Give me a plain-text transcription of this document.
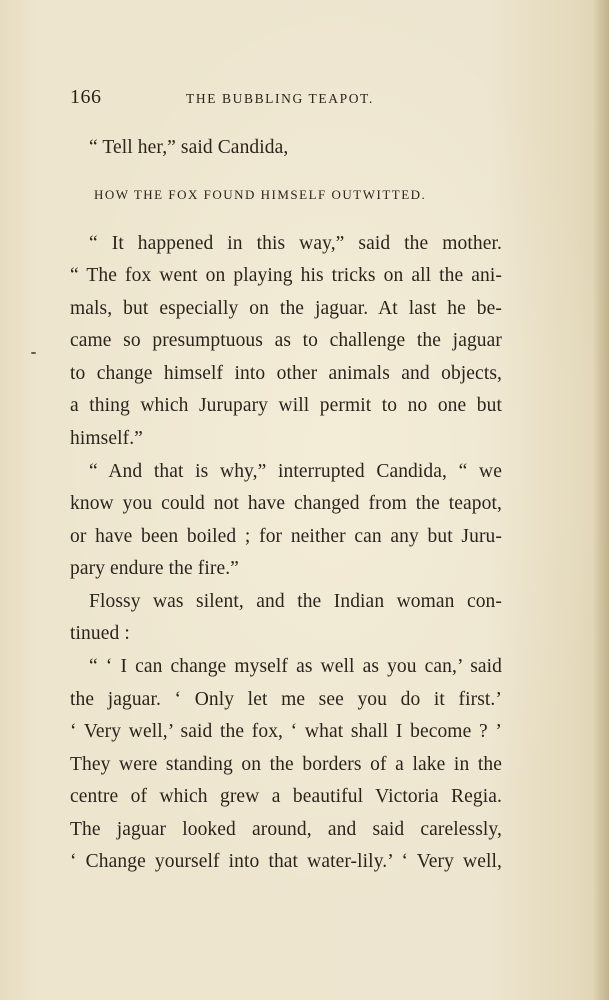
166	THE BUBBLING TEAPOT.
“ Tell her,” said Candida,
HOW THE FOX FOUND HIMSELF OUTWITTED.
“ It happened in this way,” said the mother.
“ The fox went on playing his tricks on all the ani-
mals, but especially on the jaguar. At last he be-
came so presumptuous as to challenge the jaguar
to change himself into other animals and objects,
a thing which Jurupary will permit to no one but
himself.”
“ And that is why,” interrupted Candida, “ we
know you could not have changed from the teapot,
or have been boiled ; for neither can any but Juru-
pary endure the fire.”
Flossy was silent, and the Indian woman con-
tinued :
“ ‘ I can change myself as well as you can,’ said
the jaguar. ‘ Only let me see you do it first.’
‘ Very well,’ said the fox, ‘ what shall I become ? ’
They were standing on the borders of a lake in the
centre of which grew a beautiful Victoria Regia.
The jaguar looked around, and said carelessly,
‘ Change yourself into that water-lily.’ ‘ Very well,
